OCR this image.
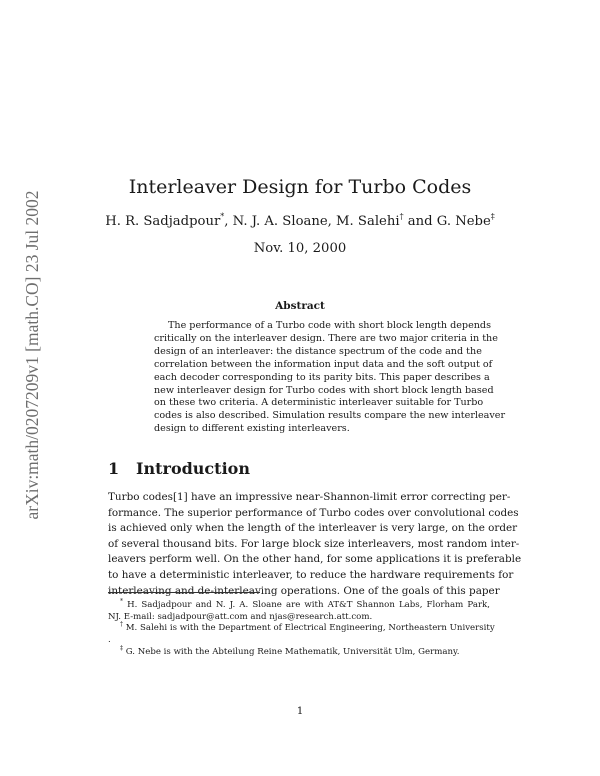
arXiv:math/0207209v1 [math.CO] 23 Jul 2002
Interleaver Design for Turbo Codes
H. R. Sadjadpour*, N. J. A. Sloane, M. Salehi† and G. Nebe‡
Nov. 10, 2000
Abstract
The performance of a Turbo code with short block length depends
critically on the interleaver design. There are two major criteria in the
design of an interleaver: the distance spectrum of the code and the
correlation between the information input data and the soft output of
each decoder corresponding to its parity bits. This paper describes a
new interleaver design for Turbo codes with short block length based
on these two criteria. A deterministic interleaver suitable for Turbo
codes is also described. Simulation results compare the new interleaver
design to different existing interleavers.
1 Introduction
Turbo codes[1] have an impressive near-Shannon-limit error correcting per-
formance. The superior performance of Turbo codes over convolutional codes
is achieved only when the length of the interleaver is very large, on the order
of several thousand bits. For large block size interleavers, most random inter-
leavers perform well. On the other hand, for some applications it is preferable
to have a deterministic interleaver, to reduce the hardware requirements for
interleaving and de-interleaving operations. One of the goals of this paper
* H. Sadjadpour and N. J. A. Sloane are with AT&T Shannon Labs, Florham Park,
NJ. E-mail: sadjadpour@att.com and njas@research.att.com.
† M. Salehi is with the Department of Electrical Engineering, Northeastern University
.
‡ G. Nebe is with the Abteilung Reine Mathematik, Universität Ulm, Germany.
1
